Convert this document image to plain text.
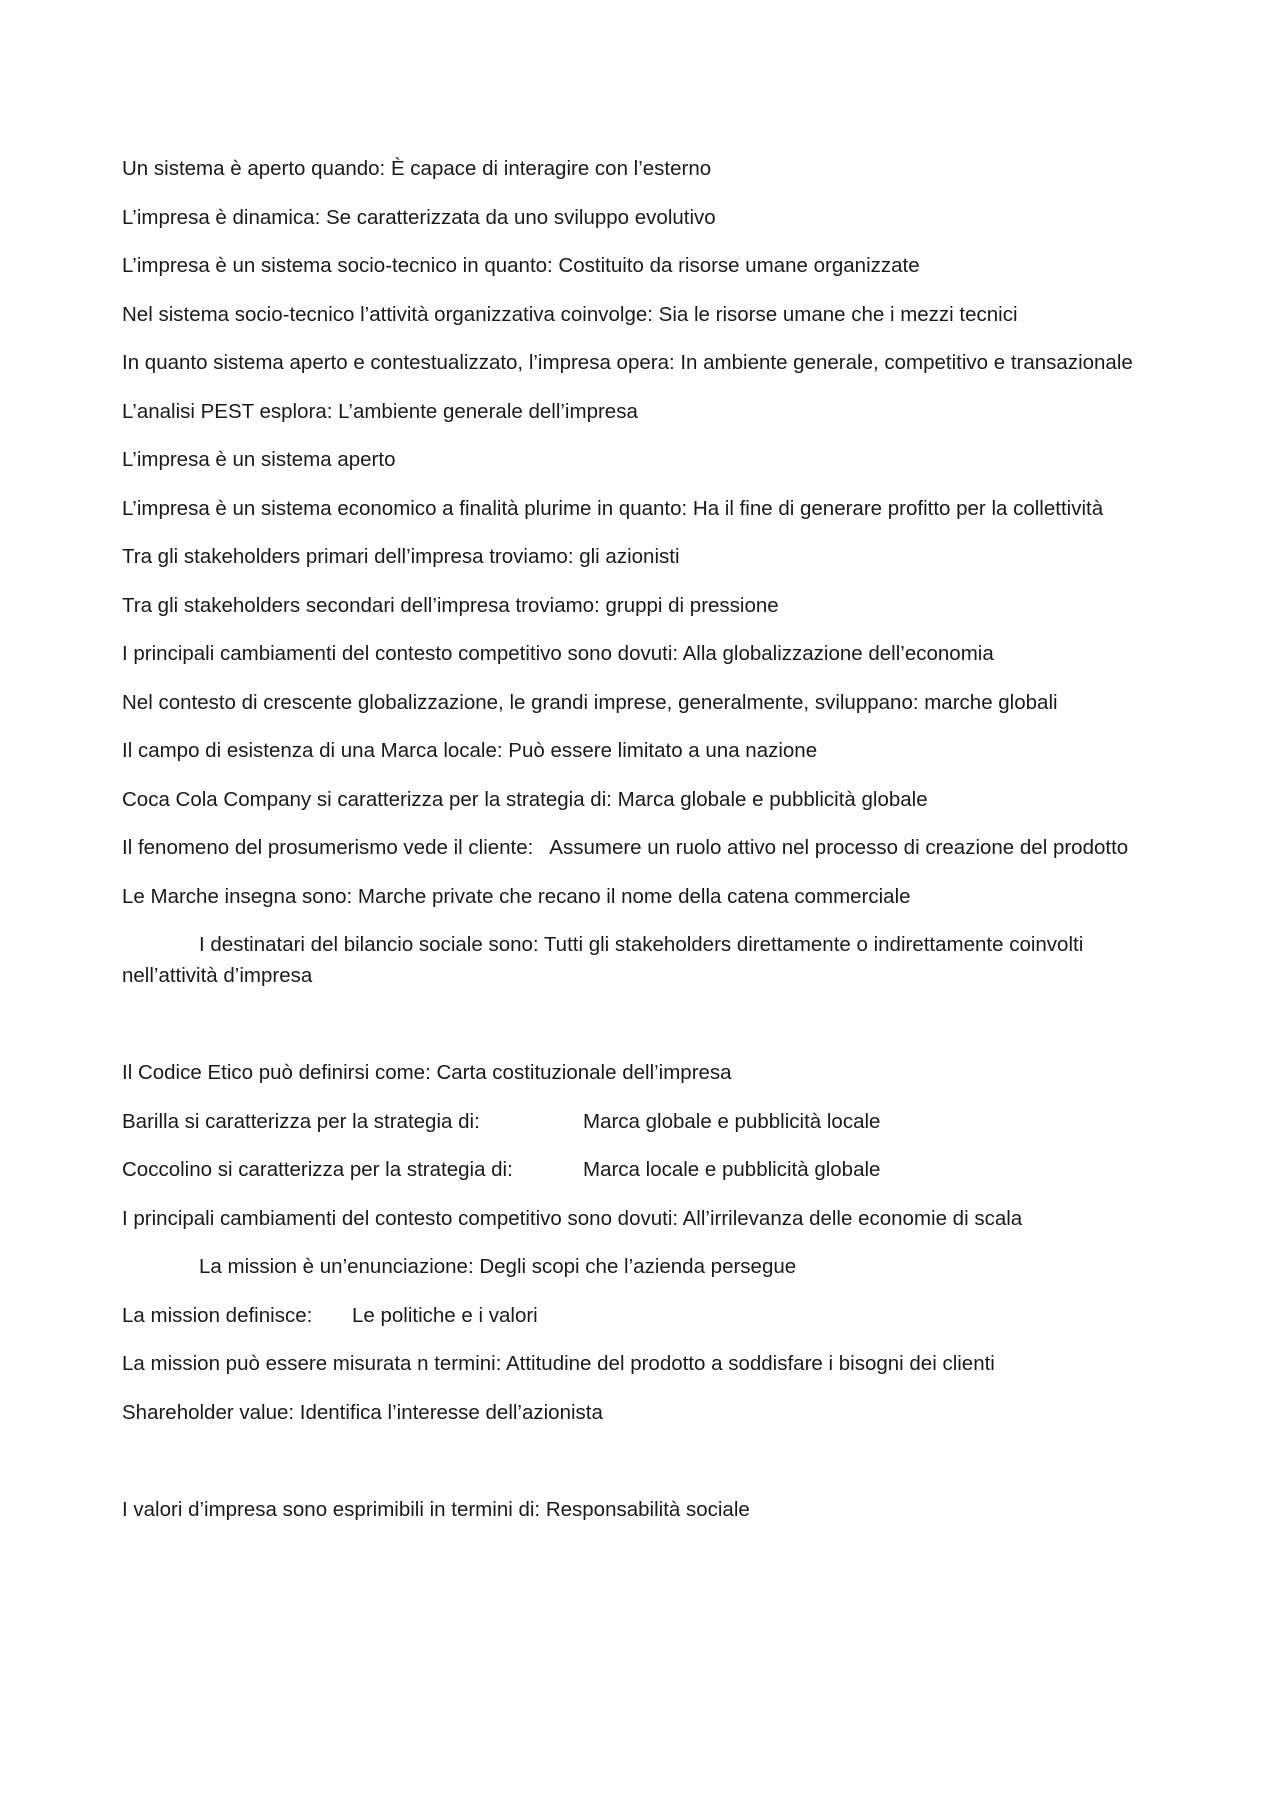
Un sistema è aperto quando: È capace di interagire con l’esterno

L’impresa è dinamica: Se caratterizzata da uno sviluppo evolutivo

L’impresa è un sistema socio-tecnico in quanto: Costituito da risorse umane organizzate

Nel sistema socio-tecnico l’attività organizzativa coinvolge: Sia le risorse umane che i mezzi tecnici

In quanto sistema aperto e contestualizzato, l’impresa opera: In ambiente generale, competitivo e transazionale

L’analisi PEST esplora: L’ambiente generale dell’impresa

L’impresa è un sistema aperto

L’impresa è un sistema economico a finalità plurime in quanto: Ha il fine di generare profitto per la collettività

Tra gli stakeholders primari dell’impresa troviamo: gli azionisti

Tra gli stakeholders secondari dell’impresa troviamo: gruppi di pressione

I principali cambiamenti del contesto competitivo sono dovuti: Alla globalizzazione dell’economia

Nel contesto di crescente globalizzazione, le grandi imprese, generalmente, sviluppano: marche globali

Il campo di esistenza di una Marca locale: Può essere limitato a una nazione

Coca Cola Company si caratterizza per la strategia di: Marca globale e pubblicità globale

Il fenomeno del prosumerismo vede il cliente:   Assumere un ruolo attivo nel processo di creazione del prodotto

Le Marche insegna sono: Marche private che recano il nome della catena commerciale

I destinatari del bilancio sociale sono: Tutti gli stakeholders direttamente o indirettamente coinvolti nell’attività d’impresa

Il Codice Etico può definirsi come: Carta costituzionale dell’impresa

Barilla si caratterizza per la strategia di:	Marca globale e pubblicità locale

Coccolino si caratterizza per la strategia di:	Marca locale e pubblicità globale

I principali cambiamenti del contesto competitivo sono dovuti: All’irrilevanza delle economie di scala

La mission è un’enunciazione: Degli scopi che l’azienda persegue

La mission definisce:	Le politiche e i valori

La mission può essere misurata n termini: Attitudine del prodotto a soddisfare i bisogni dei clienti

Shareholder value: Identifica l’interesse dell’azionista

I valori d’impresa sono esprimibili in termini di: Responsabilità sociale
